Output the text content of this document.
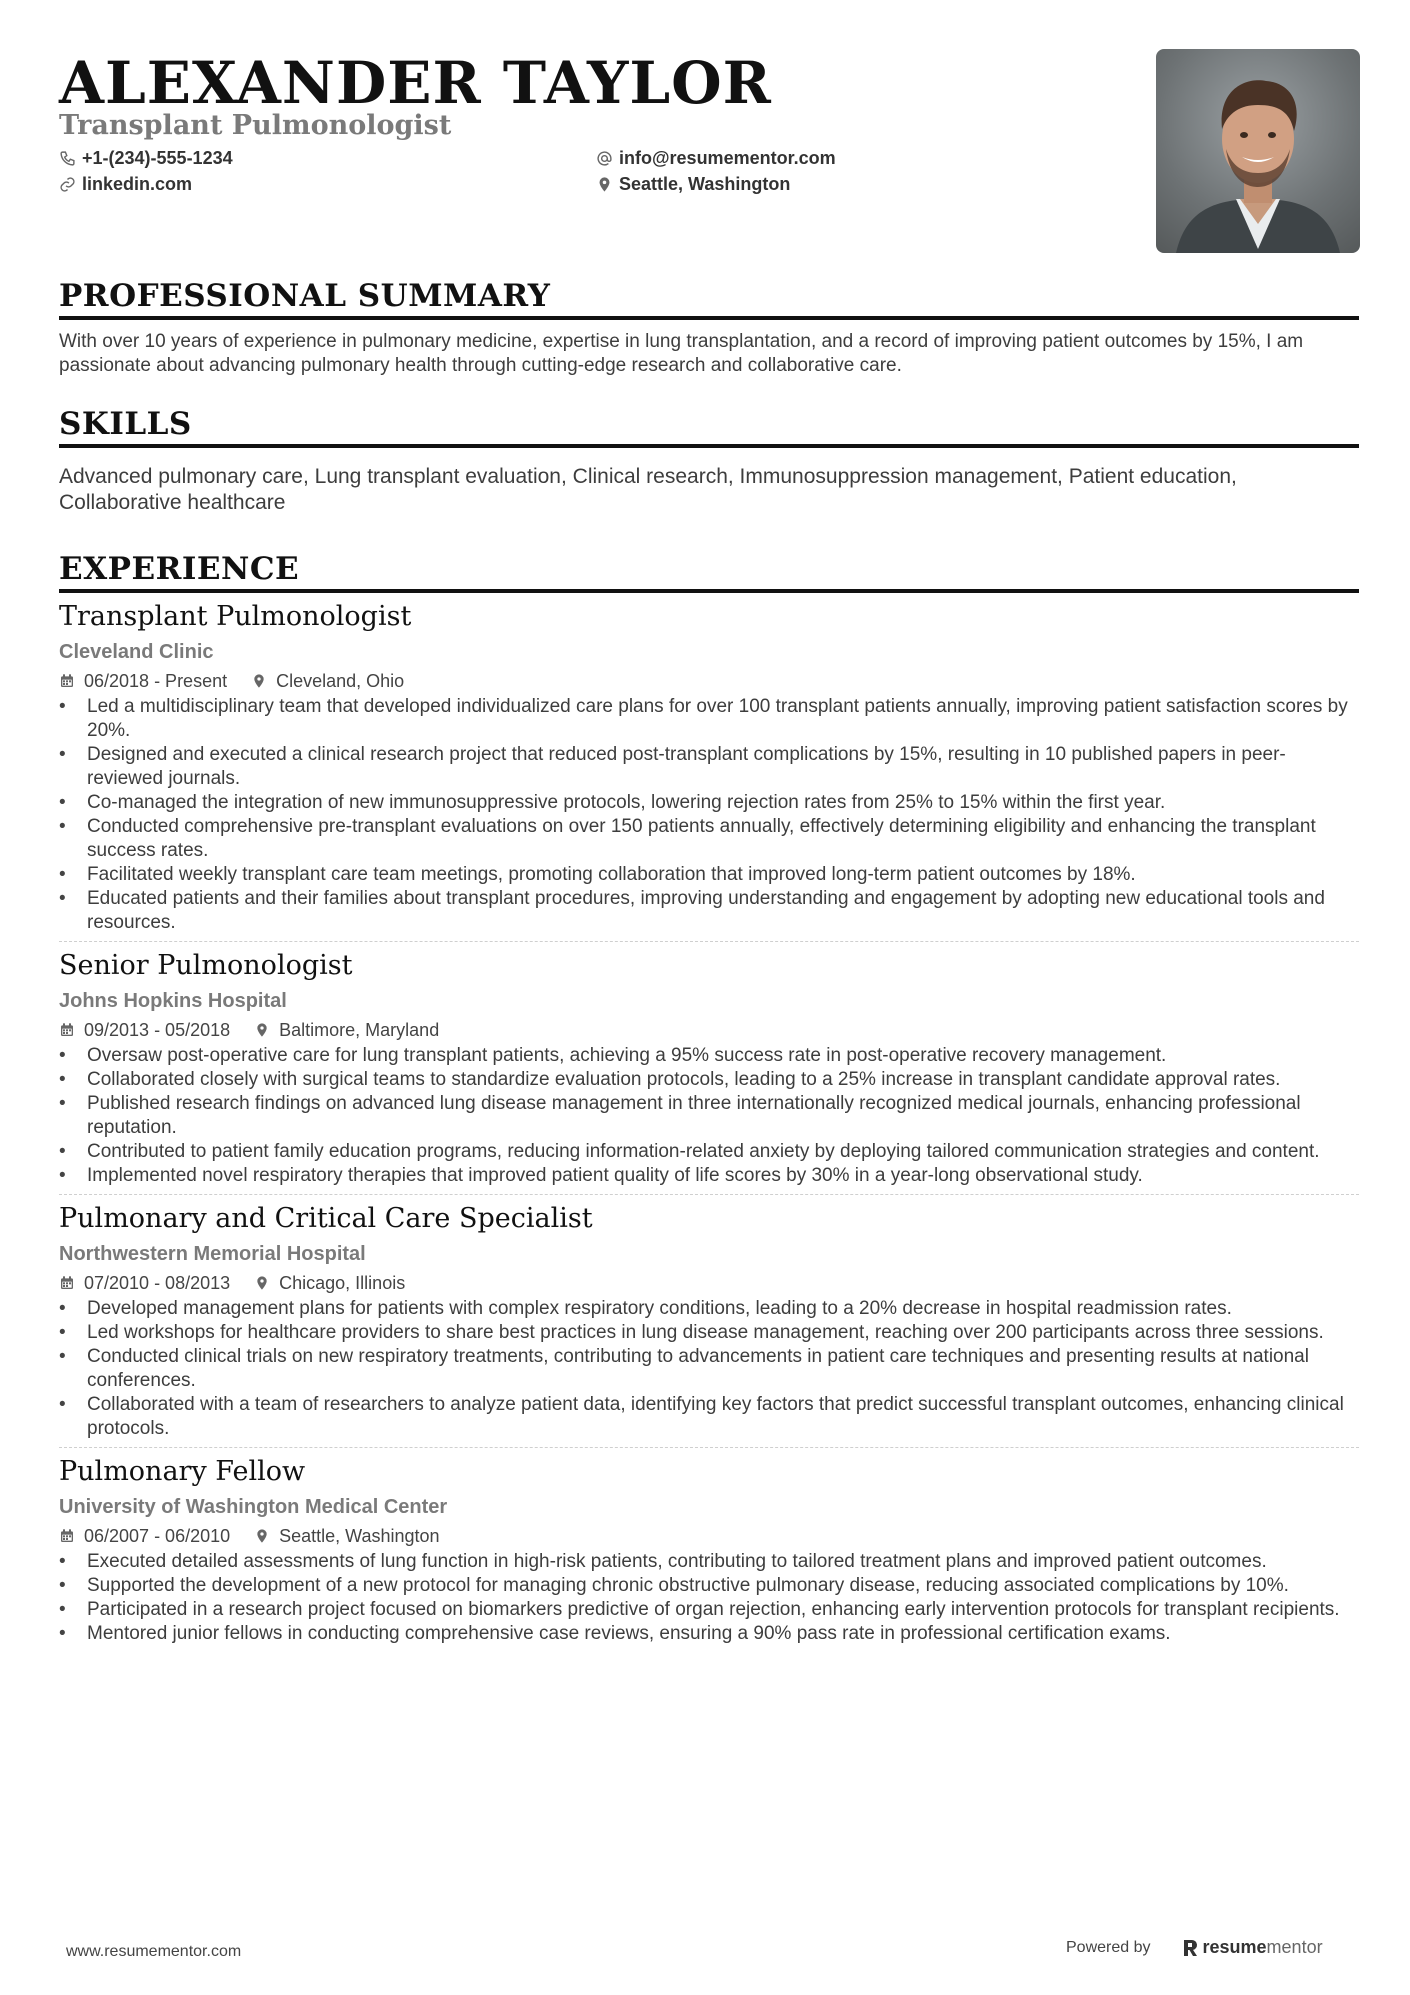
ALEXANDER TAYLOR
Transplant Pulmonologist
+1-(234)-555-1234	info@resumementor.com
linkedin.com	Seattle, Washington
PROFESSIONAL SUMMARY
With over 10 years of experience in pulmonary medicine, expertise in lung transplantation, and a record of improving patient outcomes by 15%, I am passionate about advancing pulmonary health through cutting-edge research and collaborative care.
SKILLS
Advanced pulmonary care, Lung transplant evaluation, Clinical research, Immunosuppression management, Patient education, Collaborative healthcare
EXPERIENCE
Transplant Pulmonologist
Cleveland Clinic
06/2018 - Present	Cleveland, Ohio
• Led a multidisciplinary team that developed individualized care plans for over 100 transplant patients annually, improving patient satisfaction scores by 20%.
• Designed and executed a clinical research project that reduced post-transplant complications by 15%, resulting in 10 published papers in peer-reviewed journals.
• Co-managed the integration of new immunosuppressive protocols, lowering rejection rates from 25% to 15% within the first year.
• Conducted comprehensive pre-transplant evaluations on over 150 patients annually, effectively determining eligibility and enhancing the transplant success rates.
• Facilitated weekly transplant care team meetings, promoting collaboration that improved long-term patient outcomes by 18%.
• Educated patients and their families about transplant procedures, improving understanding and engagement by adopting new educational tools and resources.
Senior Pulmonologist
Johns Hopkins Hospital
09/2013 - 05/2018	Baltimore, Maryland
• Oversaw post-operative care for lung transplant patients, achieving a 95% success rate in post-operative recovery management.
• Collaborated closely with surgical teams to standardize evaluation protocols, leading to a 25% increase in transplant candidate approval rates.
• Published research findings on advanced lung disease management in three internationally recognized medical journals, enhancing professional reputation.
• Contributed to patient family education programs, reducing information-related anxiety by deploying tailored communication strategies and content.
• Implemented novel respiratory therapies that improved patient quality of life scores by 30% in a year-long observational study.
Pulmonary and Critical Care Specialist
Northwestern Memorial Hospital
07/2010 - 08/2013	Chicago, Illinois
• Developed management plans for patients with complex respiratory conditions, leading to a 20% decrease in hospital readmission rates.
• Led workshops for healthcare providers to share best practices in lung disease management, reaching over 200 participants across three sessions.
• Conducted clinical trials on new respiratory treatments, contributing to advancements in patient care techniques and presenting results at national conferences.
• Collaborated with a team of researchers to analyze patient data, identifying key factors that predict successful transplant outcomes, enhancing clinical protocols.
Pulmonary Fellow
University of Washington Medical Center
06/2007 - 06/2010	Seattle, Washington
• Executed detailed assessments of lung function in high-risk patients, contributing to tailored treatment plans and improved patient outcomes.
• Supported the development of a new protocol for managing chronic obstructive pulmonary disease, reducing associated complications by 10%.
• Participated in a research project focused on biomarkers predictive of organ rejection, enhancing early intervention protocols for transplant recipients.
• Mentored junior fellows in conducting comprehensive case reviews, ensuring a 90% pass rate in professional certification exams.
www.resumementor.com	Powered by	resume mentor
